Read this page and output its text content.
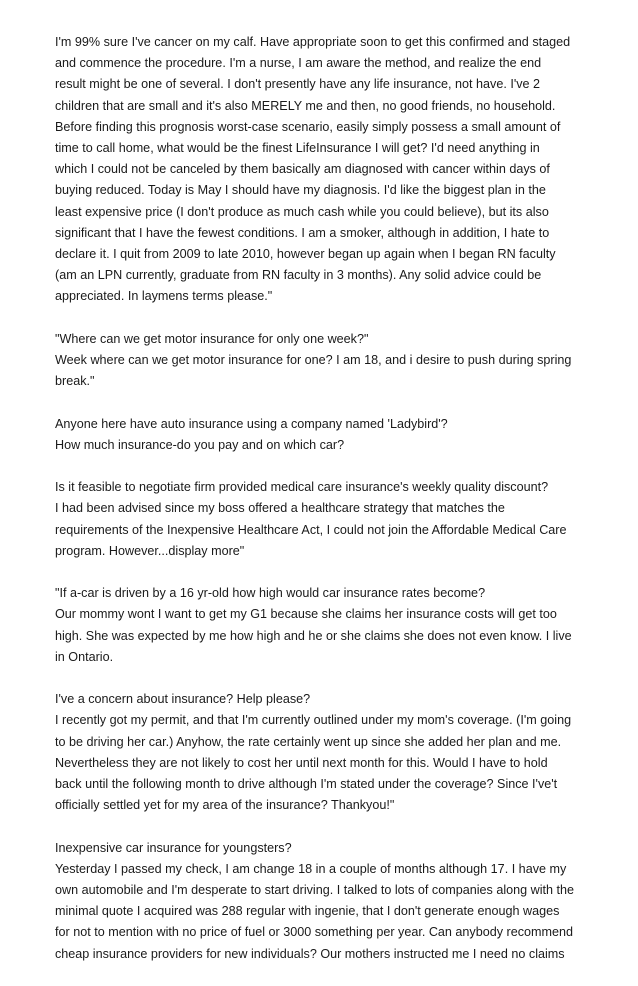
I'm 99% sure I've cancer on my calf. Have appropriate soon to get this confirmed and staged
and commence the procedure. I'm a nurse, I am aware the method, and realize the end
result might be one of several. I don't presently have any life insurance, not have. I've 2
children that are small and it's also MERELY me and then, no good friends, no household.
Before finding this prognosis worst-case scenario, easily simply possess a small amount of
time to call home, what would be the finest LifeInsurance I will get? I'd need anything in
which I could not be canceled by them basically am diagnosed with cancer within days of
buying reduced. Today is May I should have my diagnosis. I'd like the biggest plan in the
least expensive price (I don't produce as much cash while you could believe), but its also
significant that I have the fewest conditions. I am a smoker, although in addition, I hate to
declare it. I quit from 2009 to late 2010, however began up again when I began RN faculty
(am an LPN currently, graduate from RN faculty in 3 months). Any solid advice could be
appreciated. In laymens terms please."
"Where can we get motor insurance for only one week?"
Week where can we get motor insurance for one? I am 18, and i desire to push during spring
break."
Anyone here have auto insurance using a company named 'Ladybird'?
How much insurance-do you pay and on which car?
Is it feasible to negotiate firm provided medical care insurance's weekly quality discount?
I had been advised since my boss offered a healthcare strategy that matches the
requirements of the Inexpensive Healthcare Act, I could not join the Affordable Medical Care
program. However...display more"
"If a-car is driven by a 16 yr-old how high would car insurance rates become?
Our mommy wont I want to get my G1 because she claims her insurance costs will get too
high. She was expected by me how high and he or she claims she does not even know. I live
in Ontario.
I've a concern about insurance? Help please?
I recently got my permit, and that I'm currently outlined under my mom's coverage. (I'm going
to be driving her car.) Anyhow, the rate certainly went up since she added her plan and me.
Nevertheless they are not likely to cost her until next month for this. Would I have to hold
back until the following month to drive although I'm stated under the coverage? Since I've't
officially settled yet for my area of the insurance? Thankyou!"
Inexpensive car insurance for youngsters?
Yesterday I passed my check, I am change 18 in a couple of months although 17. I have my
own automobile and I'm desperate to start driving. I talked to lots of companies along with the
minimal quote I acquired was 288 regular with ingenie, that I don't generate enough wages
for not to mention with no price of fuel or 3000 something per year. Can anybody recommend
cheap insurance providers for new individuals? Our mothers instructed me I need no claims
